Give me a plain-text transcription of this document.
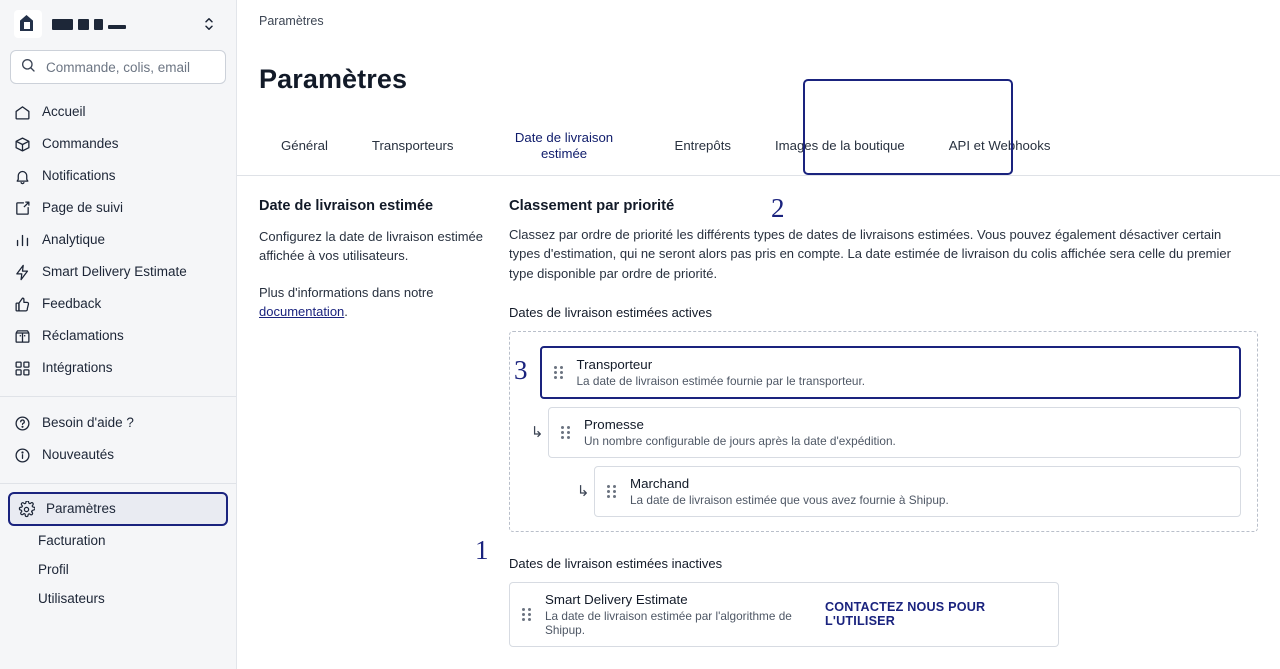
Commande, colis, email
Accueil
Commandes
Notifications
Page de suivi
Analytique
Smart Delivery Estimate
Feedback
Réclamations
Intégrations
Besoin d'aide ?
Nouveautés
Paramètres
Facturation
Profil
Utilisateurs
1
Paramètres
Paramètres
Général	Transporteurs
Date de livraison estimée
Entrepôts	Images de la boutique	API et Webhooks
2
Date de livraison estimée

Configurez la date de livraison estimée affichée à vos utilisateurs.

Plus d'informations dans notre documentation.

Classement par priorité

Classez par ordre de priorité les différents types de dates de livraisons estimées. Vous pouvez également désactiver certain types d'estimation, qui ne seront alors pas pris en compte. La date estimée de livraison du colis affichée sera celle du premier type disponible par ordre de priorité.

Dates de livraison estimées actives
3	Transporteur
La date de livraison estimée fournie par le transporteur.
↳	Promesse
Un nombre configurable de jours après la date d'expédition.
↳	Marchand
La date de livraison estimée que vous avez fournie à Shipup.
Dates de livraison estimées inactives
Smart Delivery Estimate
La date de livraison estimée par l'algorithme de Shipup.
CONTACTEZ NOUS POUR L'UTILISER
